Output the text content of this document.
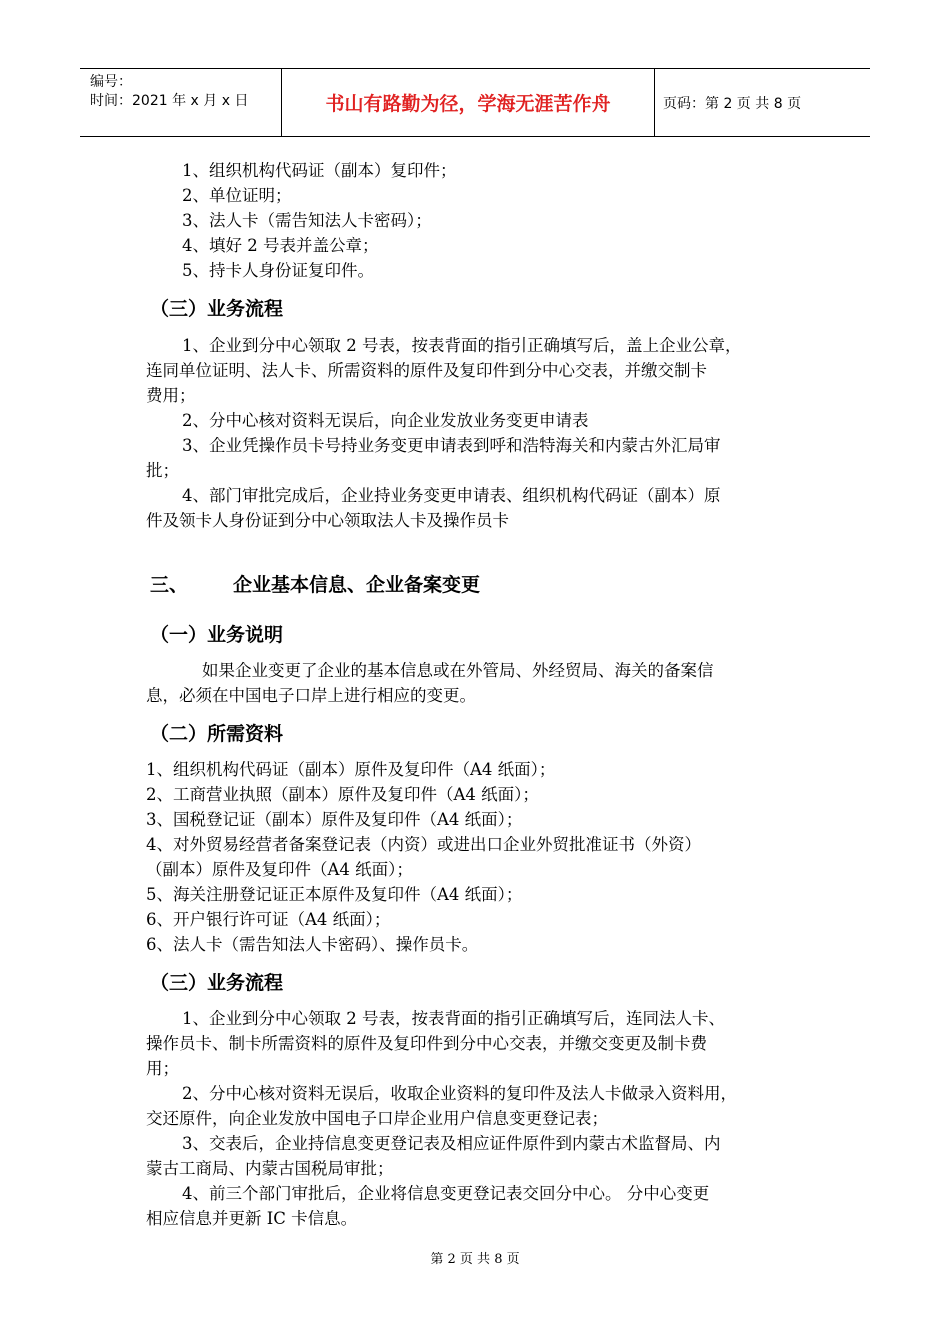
编号：
时间：2021 年 x 月 x 日	书山有路勤为径，学海无涯苦作舟	页码：第 2 页 共 8 页
1、组织机构代码证（副本）复印件；
2、单位证明；
3、法人卡（需告知法人卡密码）；
4、填好 2 号表并盖公章；
5、持卡人身份证复印件。
（三）业务流程
1、企业到分中心领取 2 号表，按表背面的指引正确填写后，盖上企业公章，
连同单位证明、法人卡、所需资料的原件及复印件到分中心交表，并缴交制卡
费用；
2、分中心核对资料无误后，向企业发放业务变更申请表
3、企业凭操作员卡号持业务变更申请表到呼和浩特海关和内蒙古外汇局审
批；
4、部门审批完成后，企业持业务变更申请表、组织机构代码证（副本）原
件及领卡人身份证到分中心领取法人卡及操作员卡
三、 企业基本信息、企业备案变更
（一）业务说明
如果企业变更了企业的基本信息或在外管局、外经贸局、海关的备案信
息，必须在中国电子口岸上进行相应的变更。
（二）所需资料
1、组织机构代码证（副本）原件及复印件（A4 纸面）；
2、工商营业执照（副本）原件及复印件（A4 纸面）；
3、国税登记证（副本）原件及复印件（A4 纸面）；
4、对外贸易经营者备案登记表（内资）或进出口企业外贸批准证书（外资）
（副本）原件及复印件（A4 纸面）；
5、海关注册登记证正本原件及复印件（A4 纸面）；
6、开户银行许可证（A4 纸面）；
6、法人卡（需告知法人卡密码）、操作员卡。
（三）业务流程
1、企业到分中心领取 2 号表，按表背面的指引正确填写后，连同法人卡、
操作员卡、制卡所需资料的原件及复印件到分中心交表，并缴交变更及制卡费
用；
2、分中心核对资料无误后，收取企业资料的复印件及法人卡做录入资料用，
交还原件，向企业发放中国电子口岸企业用户信息变更登记表；
3、交表后，企业持信息变更登记表及相应证件原件到内蒙古术监督局、内
蒙古工商局、内蒙古国税局审批；
4、前三个部门审批后，企业将信息变更登记表交回分中心。 分中心变更
相应信息并更新 IC 卡信息。
第 2 页 共 8 页
